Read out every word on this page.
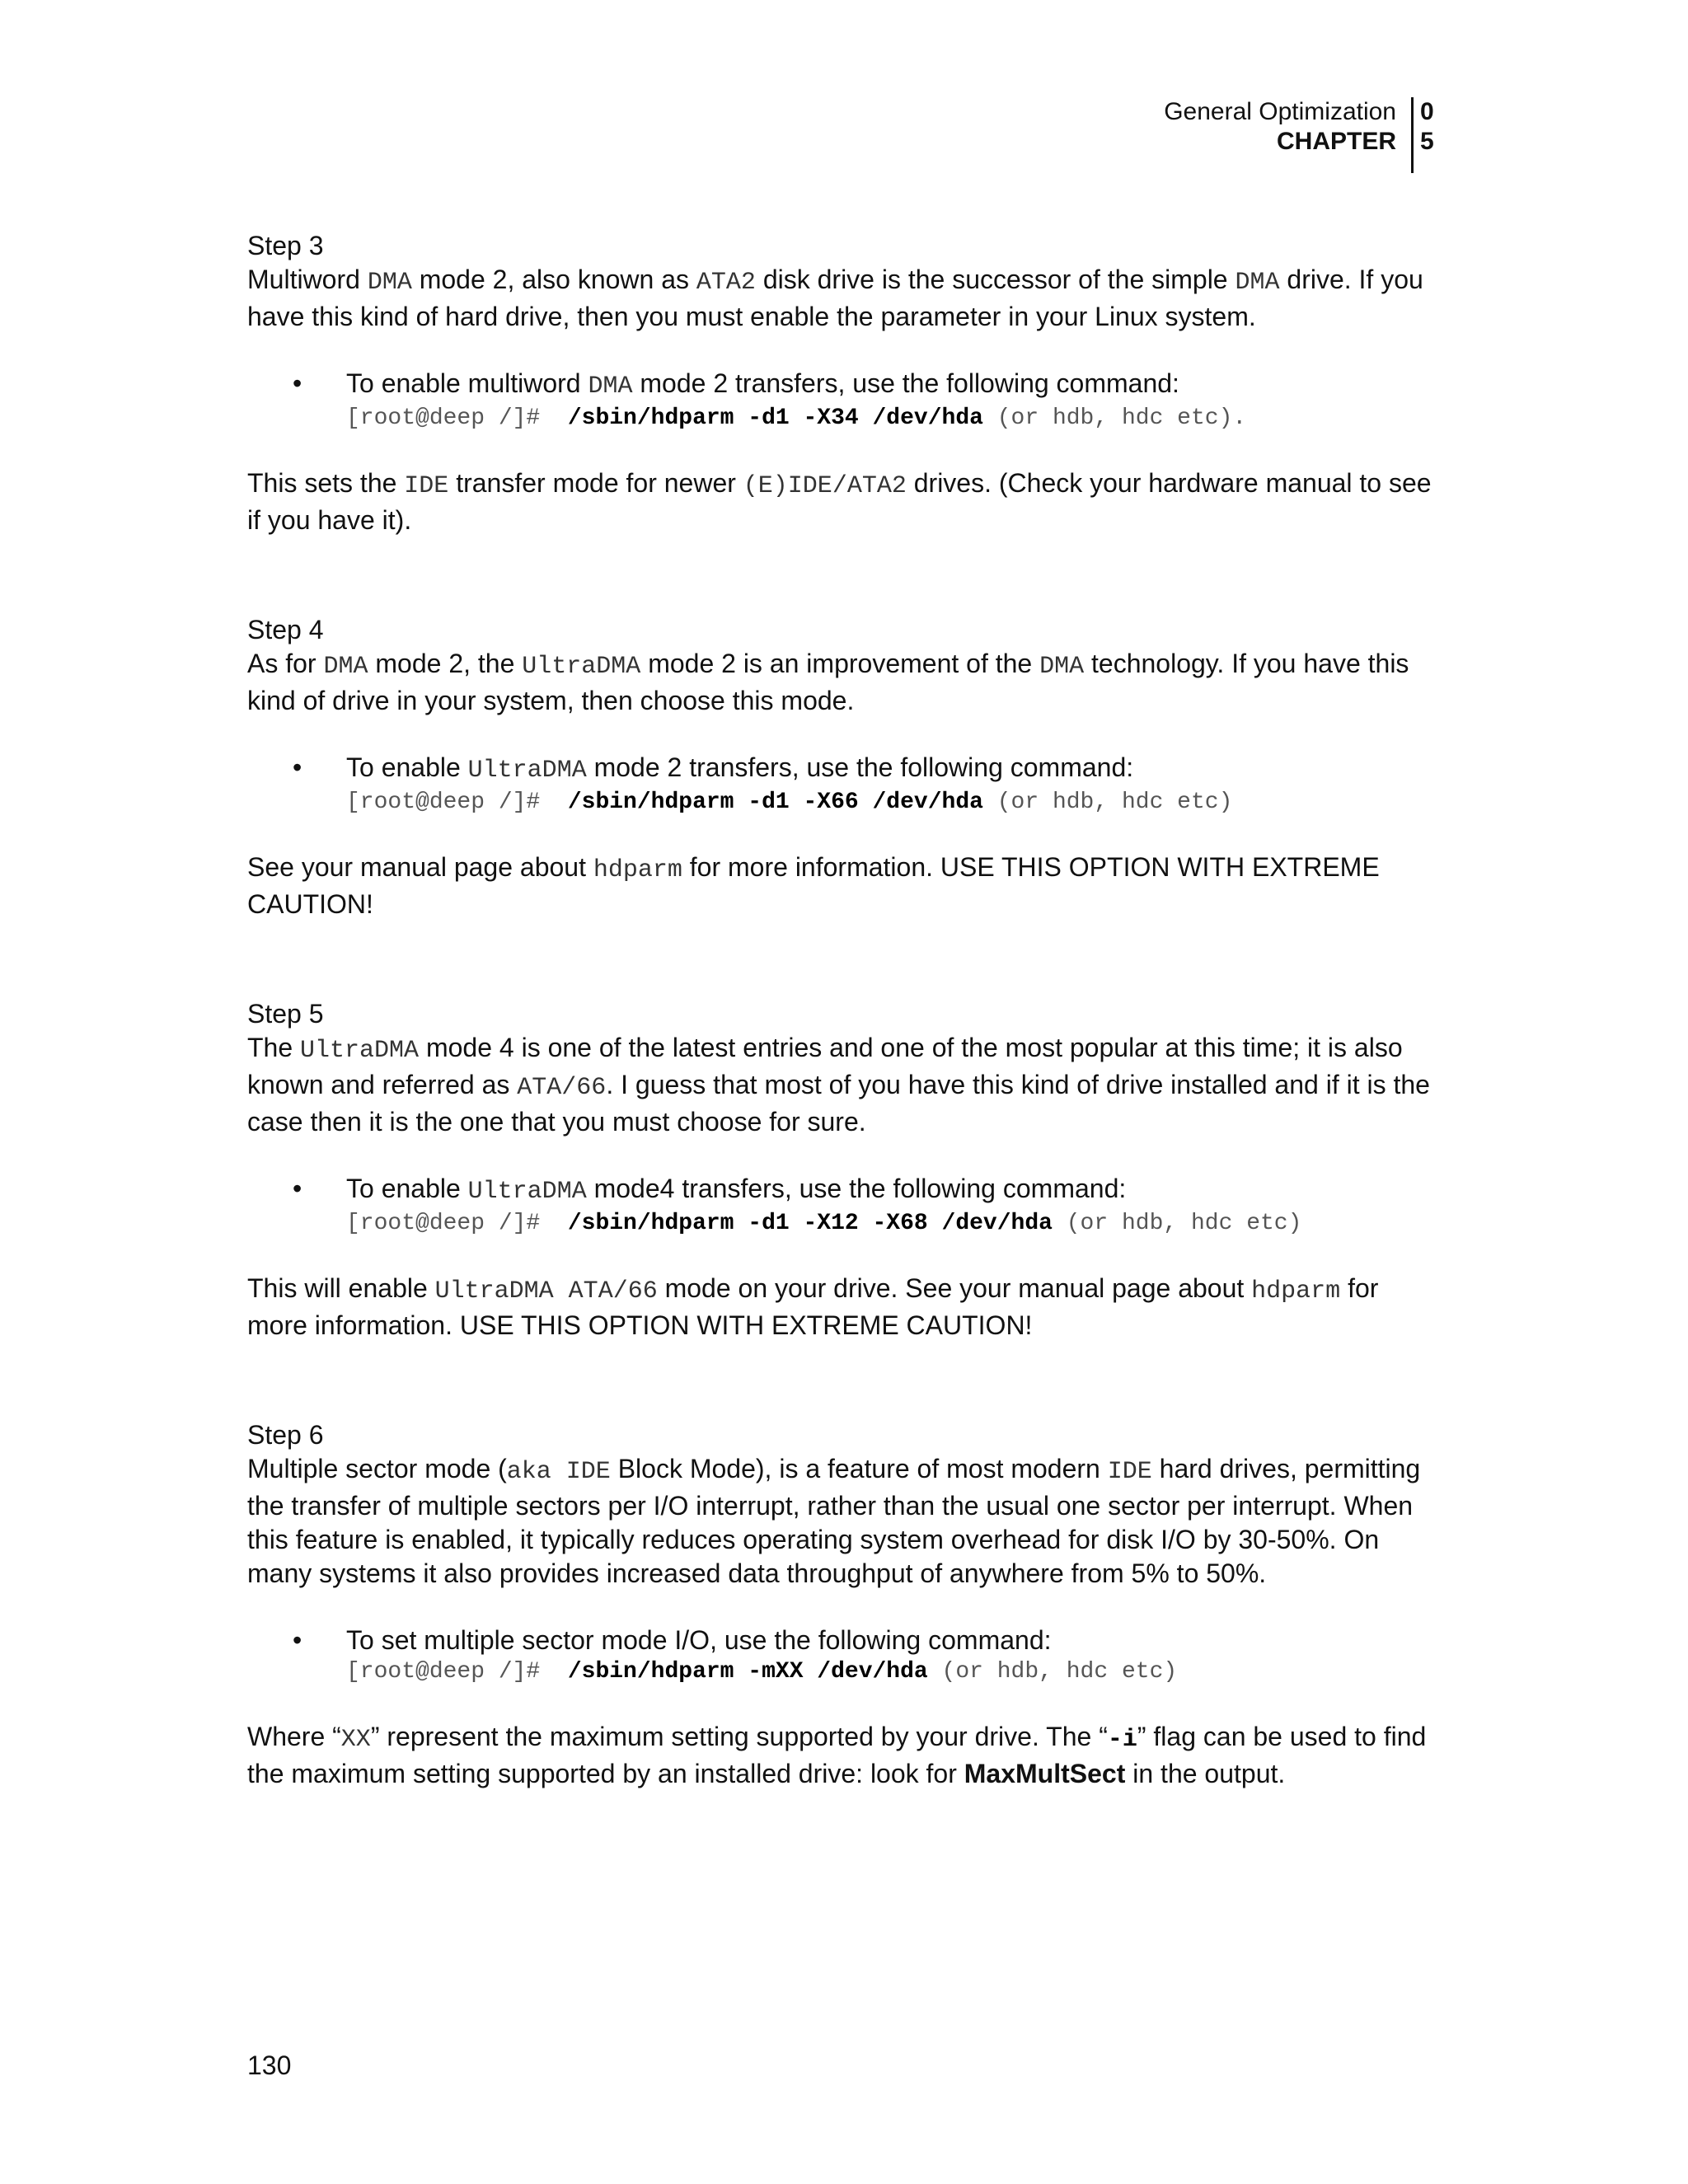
General Optimization
CHAPTER
0
5
Step 3
Multiword DMA mode 2, also known as ATA2 disk drive is the successor of the simple DMA drive. If you have this kind of hard drive, then you must enable the parameter in your Linux system.
• To enable multiword DMA mode 2 transfers, use the following command:
[root@deep /]#  /sbin/hdparm -d1 -X34 /dev/hda (or hdb, hdc etc).
This sets the IDE transfer mode for newer (E)IDE/ATA2 drives. (Check your hardware manual to see if you have it).
Step 4
As for DMA mode 2, the UltraDMA mode 2 is an improvement of the DMA technology. If you have this kind of drive in your system, then choose this mode.
• To enable UltraDMA mode 2 transfers, use the following command:
[root@deep /]#  /sbin/hdparm -d1 -X66 /dev/hda (or hdb, hdc etc)
See your manual page about hdparm for more information. USE THIS OPTION WITH EXTREME CAUTION!
Step 5
The UltraDMA mode 4 is one of the latest entries and one of the most popular at this time; it is also known and referred as ATA/66. I guess that most of you have this kind of drive installed and if it is the case then it is the one that you must choose for sure.
• To enable UltraDMA mode4 transfers, use the following command:
[root@deep /]#  /sbin/hdparm -d1 -X12 -X68 /dev/hda (or hdb, hdc etc)
This will enable UltraDMA ATA/66 mode on your drive. See your manual page about hdparm for more information. USE THIS OPTION WITH EXTREME CAUTION!
Step 6
Multiple sector mode (aka IDE Block Mode), is a feature of most modern IDE hard drives, permitting the transfer of multiple sectors per I/O interrupt, rather than the usual one sector per interrupt. When this feature is enabled, it typically reduces operating system overhead for disk I/O by 30-50%. On many systems it also provides increased data throughput of anywhere from 5% to 50%.
• To set multiple sector mode I/O, use the following command:
[root@deep /]#  /sbin/hdparm -mXX /dev/hda (or hdb, hdc etc)
Where “XX” represent the maximum setting supported by your drive. The “-i” flag can be used to find the maximum setting supported by an installed drive: look for MaxMultSect in the output.
130
